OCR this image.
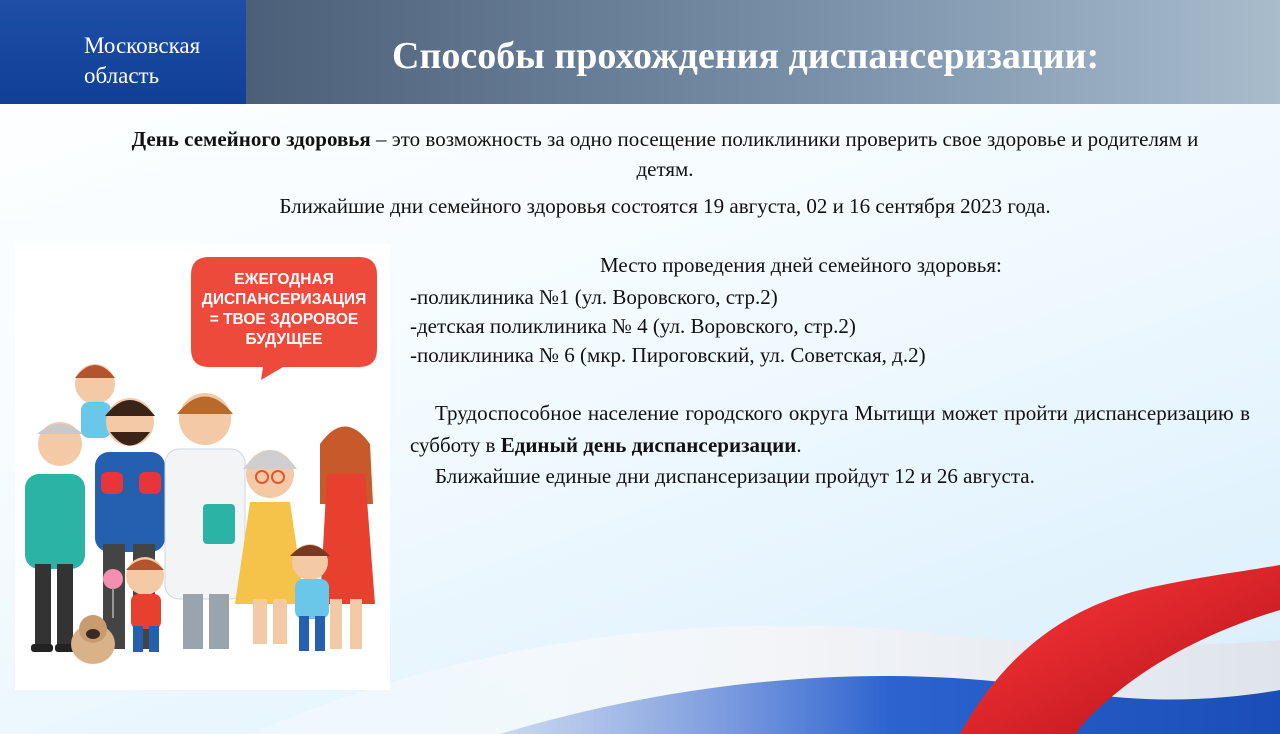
Московская
область	Способы прохождения диспансеризации:
День семейного здоровья – это возможность за одно посещение поликлиники проверить свое здоровье и родителям и детям.
Ближайшие дни семейного здоровья состоятся 19 августа, 02 и 16 сентября 2023 года.
Место проведения дней семейного здоровья:
-поликлиника №1 (ул. Воровского, стр.2)
-детская поликлиника № 4 (ул. Воровского, стр.2)
-поликлиника № 6 (мкр. Пироговский, ул. Советская, д.2)
Трудоспособное население городского округа Мытищи может пройти диспансеризацию в субботу в Единый день диспансеризации.
Ближайшие единые дни диспансеризации пройдут 12 и 26 августа.
ЕЖЕГОДНАЯ
ДИСПАНСЕРИЗАЦИЯ
= ТВОЕ ЗДОРОВОЕ
БУДУЩЕЕ
